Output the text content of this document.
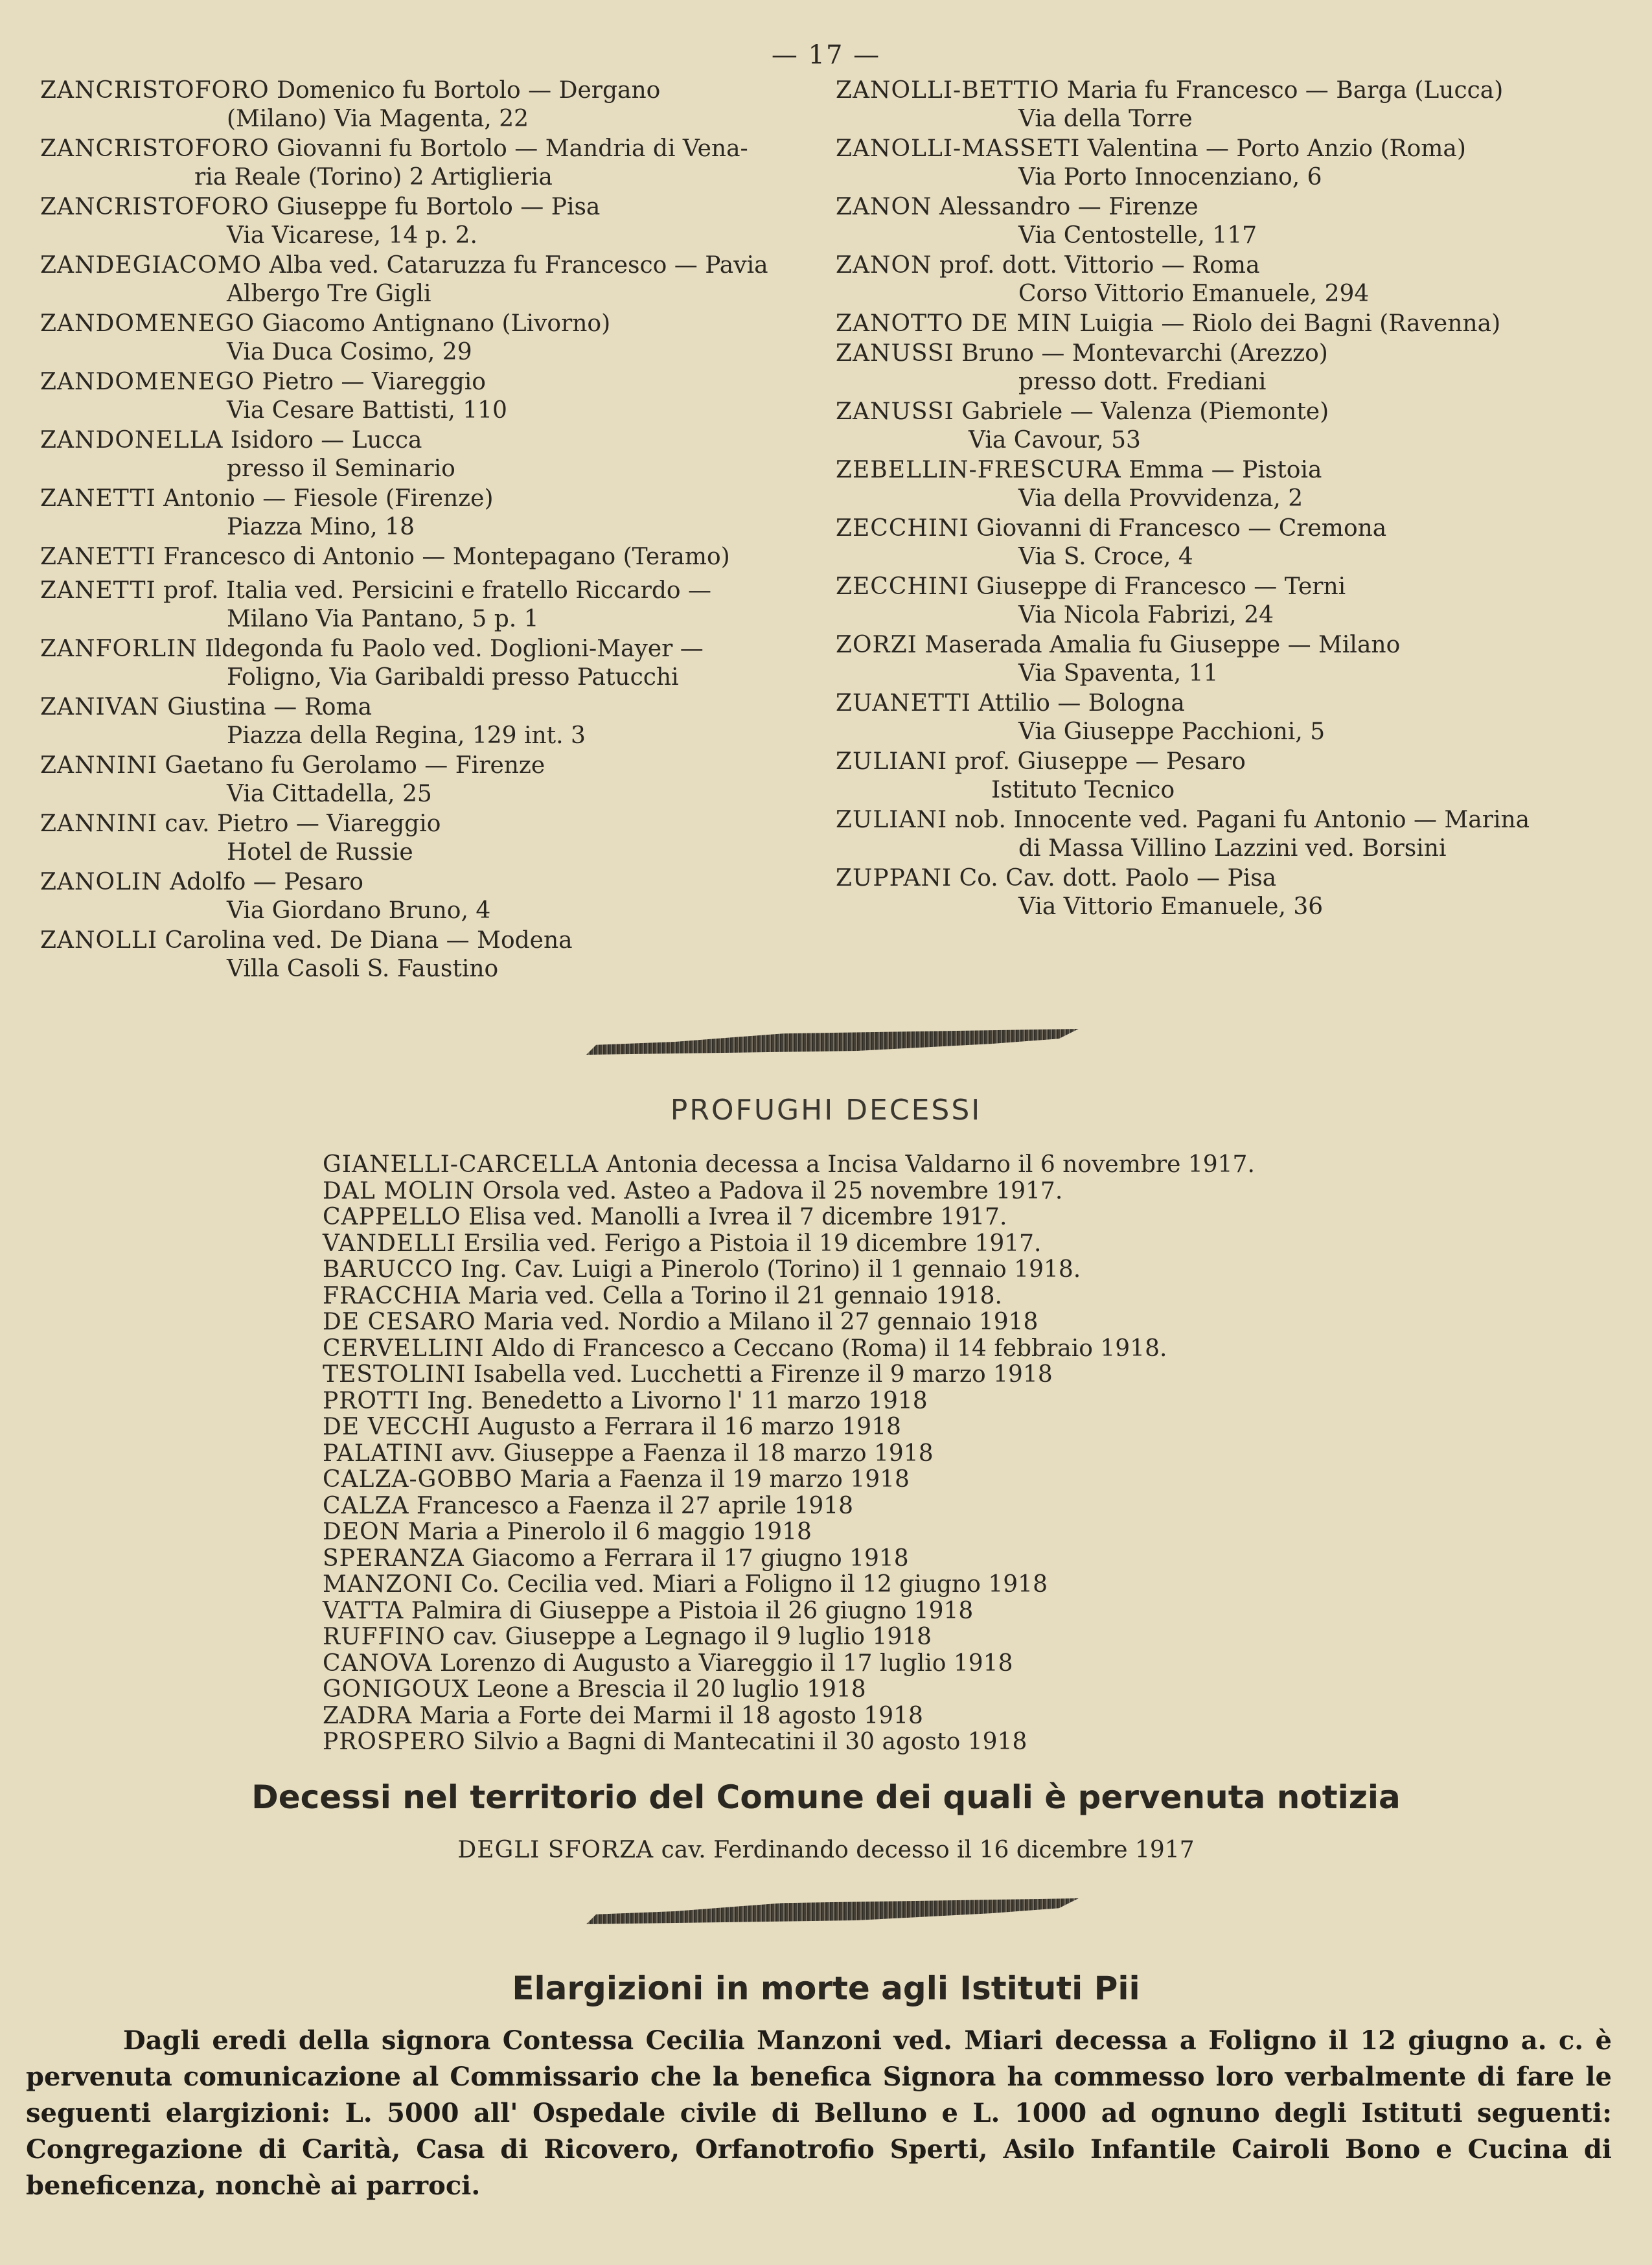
— 17 —
ZANCRISTOFORO Domenico fu Bortolo — Dergano
(Milano) Via Magenta, 22
ZANCRISTOFORO Giovanni fu Bortolo — Mandria di Vena-
ria Reale (Torino) 2 Artiglieria
ZANCRISTOFORO Giuseppe fu Bortolo — Pisa
Via Vicarese, 14 p. 2.
ZANDEGIACOMO Alba ved. Cataruzza fu Francesco — Pavia
Albergo Tre Gigli
ZANDOMENEGO Giacomo Antignano (Livorno)
Via Duca Cosimo, 29
ZANDOMENEGO Pietro — Viareggio
Via Cesare Battisti, 110
ZANDONELLA Isidoro — Lucca
presso il Seminario
ZANETTI Antonio — Fiesole (Firenze)
Piazza Mino, 18
ZANETTI Francesco di Antonio — Montepagano (Teramo)
ZANETTI prof. Italia ved. Persicini e fratello Riccardo —
Milano Via Pantano, 5 p. 1
ZANFORLIN Ildegonda fu Paolo ved. Doglioni-Mayer —
Foligno, Via Garibaldi presso Patucchi
ZANIVAN Giustina — Roma
Piazza della Regina, 129 int. 3
ZANNINI Gaetano fu Gerolamo — Firenze
Via Cittadella, 25
ZANNINI cav. Pietro — Viareggio
Hotel de Russie
ZANOLIN Adolfo — Pesaro
Via Giordano Bruno, 4
ZANOLLI Carolina ved. De Diana — Modena
Villa Casoli S. Faustino
ZANOLLI-BETTIO Maria fu Francesco — Barga (Lucca)
Via della Torre
ZANOLLI-MASSETI Valentina — Porto Anzio (Roma)
Via Porto Innocenziano, 6
ZANON Alessandro — Firenze
Via Centostelle, 117
ZANON prof. dott. Vittorio — Roma
Corso Vittorio Emanuele, 294
ZANOTTO DE MIN Luigia — Riolo dei Bagni (Ravenna)
ZANUSSI Bruno — Montevarchi (Arezzo)
presso dott. Frediani
ZANUSSI Gabriele — Valenza (Piemonte)
Via Cavour, 53
ZEBELLIN-FRESCURA Emma — Pistoia
Via della Provvidenza, 2
ZECCHINI Giovanni di Francesco — Cremona
Via S. Croce, 4
ZECCHINI Giuseppe di Francesco — Terni
Via Nicola Fabrizi, 24
ZORZI Maserada Amalia fu Giuseppe — Milano
Via Spaventa, 11
ZUANETTI Attilio — Bologna
Via Giuseppe Pacchioni, 5
ZULIANI prof. Giuseppe — Pesaro
Istituto Tecnico
ZULIANI nob. Innocente ved. Pagani fu Antonio — Marina
di Massa Villino Lazzini ved. Borsini
ZUPPANI Co. Cav. dott. Paolo — Pisa
Via Vittorio Emanuele, 36
PROFUGHI DECESSI
GIANELLI-CARCELLA Antonia decessa a Incisa Valdarno il 6 novembre 1917.
DAL MOLIN Orsola ved. Asteo a Padova il 25 novembre 1917.
CAPPELLO Elisa ved. Manolli a Ivrea il 7 dicembre 1917.
VANDELLI Ersilia ved. Ferigo a Pistoia il 19 dicembre 1917.
BARUCCO Ing. Cav. Luigi a Pinerolo (Torino) il 1 gennaio 1918.
FRACCHIA Maria ved. Cella a Torino il 21 gennaio 1918.
DE CESARO Maria ved. Nordio a Milano il 27 gennaio 1918
CERVELLINI Aldo di Francesco a Ceccano (Roma) il 14 febbraio 1918.
TESTOLINI Isabella ved. Lucchetti a Firenze il 9 marzo 1918
PROTTI Ing. Benedetto a Livorno l' 11 marzo 1918
DE VECCHI Augusto a Ferrara il 16 marzo 1918
PALATINI avv. Giuseppe a Faenza il 18 marzo 1918
CALZA-GOBBO Maria a Faenza il 19 marzo 1918
CALZA Francesco a Faenza il 27 aprile 1918
DEON Maria a Pinerolo il 6 maggio 1918
SPERANZA Giacomo a Ferrara il 17 giugno 1918
MANZONI Co. Cecilia ved. Miari a Foligno il 12 giugno 1918
VATTA Palmira di Giuseppe a Pistoia il 26 giugno 1918
RUFFINO cav. Giuseppe a Legnago il 9 luglio 1918
CANOVA Lorenzo di Augusto a Viareggio il 17 luglio 1918
GONIGOUX Leone a Brescia il 20 luglio 1918
ZADRA Maria a Forte dei Marmi il 18 agosto 1918
PROSPERO Silvio a Bagni di Mantecatini il 30 agosto 1918
Decessi nel territorio del Comune dei quali è pervenuta notizia
DEGLI SFORZA cav. Ferdinando decesso il 16 dicembre 1917
Elargizioni in morte agli Istituti Pii
Dagli eredi della signora Contessa Cecilia Manzoni ved. Miari decessa a Foligno il 12 giugno a. c. è pervenuta comunicazione al Commissario che la benefica Signora ha commesso loro verbalmente di fare le seguenti elargizioni: L. 5000 all' Ospedale civile di Belluno e L. 1000 ad ognuno degli Istituti seguenti: Congregazione di Carità, Casa di Ricovero, Orfanotrofio Sperti, Asilo Infantile Cairoli Bono e Cucina di beneficenza, nonchè ai parroci.
